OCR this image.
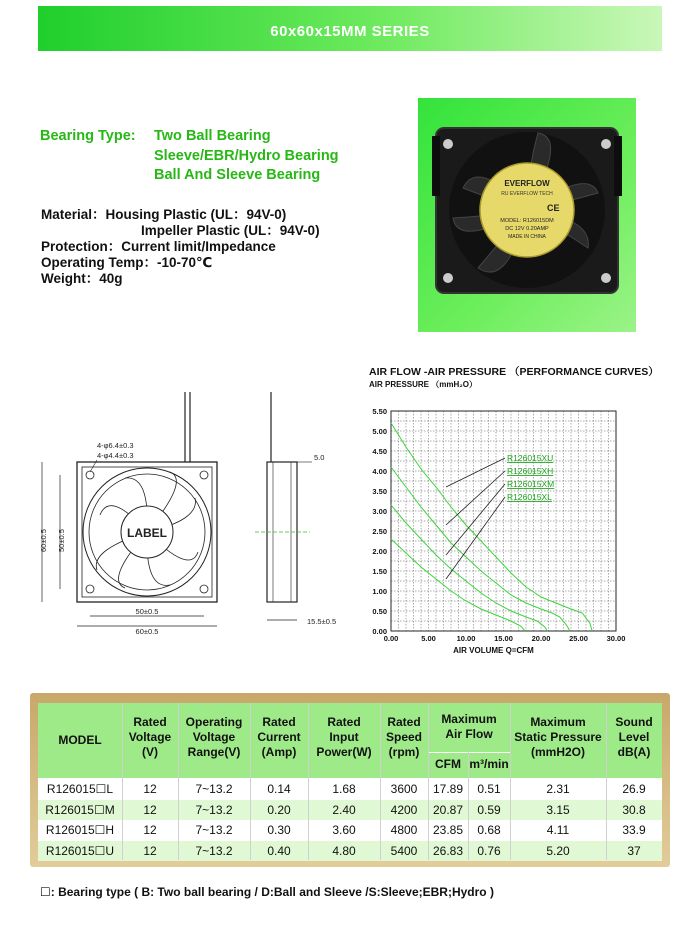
60x60x15MM SERIES
Bearing Type: Two Ball Bearing
Sleeve/EBR/Hydro Bearing
Ball And Sleeve Bearing
Material：Housing Plastic (UL：94V-0)
Impeller Plastic (UL：94V-0)
Protection：Current limit/Impedance
Operating Temp：-10-70℃
Weight：40g
EVERFLOW
RU EVERFLOW TECH
CE
MODEL: R126015DM
DC 12V 0.20AMP
MADE IN CHINA
LABEL
4-φ6.4±0.3
4-φ4.4±0.3
60±0.5 50±0.5
50±0.5
60±0.5
5.0
15.5±0.5
AIR FLOW -AIR PRESSURE （PERFORMANCE CURVES）
AIR PRESSURE （mmH₂O）
0.00
0.50
1.00
1.50
2.00
2.50
3.00
3.50
4.00
4.50
5.00
5.50
0.00	5.00	10.00 15.00 20.00 25.00 30.00
AIR VOLUME Q=CFM
R126015XU
R126015XH
R126015XM
R126015XL
MODEL
Rated
Voltage
(V)
Operating
Voltage
Range(V)
Rated
Current
(Amp)
Rated
Input
Power(W)
Rated
Speed
(rpm)
Maximum
Air Flow
CFM m³/min
Maximum
Static Pressure
(mmH2O)
Sound
Level
dB(A)
R126015☐L	12	7~13.2	0.14	1.68	3600	17.89	0.51	2.31	26.9
R126015☐M	12	7~13.2	0.20	2.40	4200	20.87	0.59	3.15	30.8
R126015☐H	12	7~13.2	0.30	3.60	4800	23.85	0.68	4.11	33.9
R126015☐U	12	7~13.2	0.40	4.80	5400	26.83	0.76	5.20	37
☐: Bearing type ( B: Two ball bearing / D:Ball and Sleeve /S:Sleeve;EBR;Hydro )
